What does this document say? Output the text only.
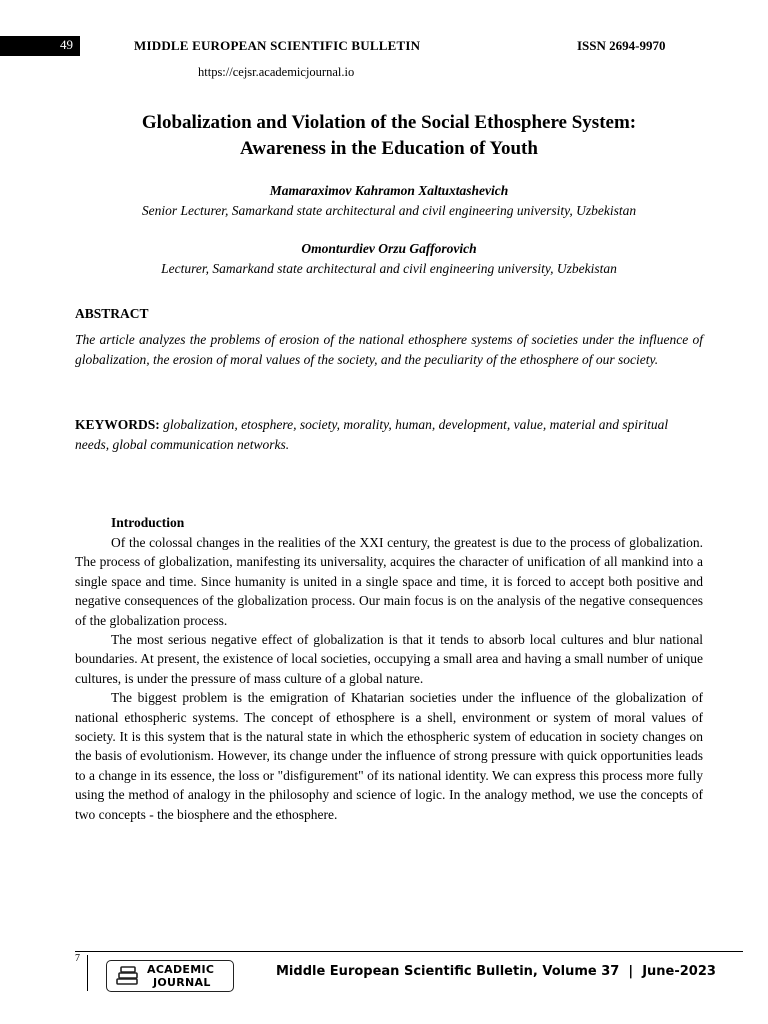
49	MIDDLE EUROPEAN SCIENTIFIC BULLETIN	ISSN 2694-9970
https://cejsr.academicjournal.io
Globalization and Violation of the Social Ethosphere System:
Awareness in the Education of Youth
Mamaraximov Kahramon Xaltuxtashevich
Senior Lecturer, Samarkand state architectural and civil engineering university, Uzbekistan
Omonturdiev Orzu Gafforovich
Lecturer, Samarkand state architectural and civil engineering university, Uzbekistan
ABSTRACT
The article analyzes the problems of erosion of the national ethosphere systems of societies under the influence of globalization, the erosion of moral values of the society, and the peculiarity of the ethosphere of our society.
KEYWORDS: globalization, etosphere, society, morality, human, development, value, material and spiritual needs, global communication networks.
Introduction

Of the colossal changes in the realities of the XXI century, the greatest is due to the process of globalization. The process of globalization, manifesting its universality, acquires the character of unification of all mankind into a single space and time. Since humanity is united in a single space and time, it is forced to accept both positive and negative consequences of the globalization process. Our main focus is on the analysis of the negative consequences of the globalization process.

The most serious negative effect of globalization is that it tends to absorb local cultures and blur national boundaries. At present, the existence of local societies, occupying a small area and having a small number of unique cultures, is under the pressure of mass culture of a global nature.

The biggest problem is the emigration of Khatarian societies under the influence of the globalization of national ethospheric systems. The concept of ethosphere is a shell, environment or system of moral values of society. It is this system that is the natural state in which the ethospheric system of education in society changes on the basis of evolutionism. However, its change under the influence of strong pressure with quick opportunities leads to a change in its essence, the loss or "disfigurement" of its national identity. We can express this process more fully using the method of analogy in the philosophy and science of logic. In the analogy method, we use the concepts of two concepts - the biosphere and the ethosphere.

7
ACADEMIC
JOURNAL
Middle European Scientific Bulletin, Volume 37  |  June-2023
